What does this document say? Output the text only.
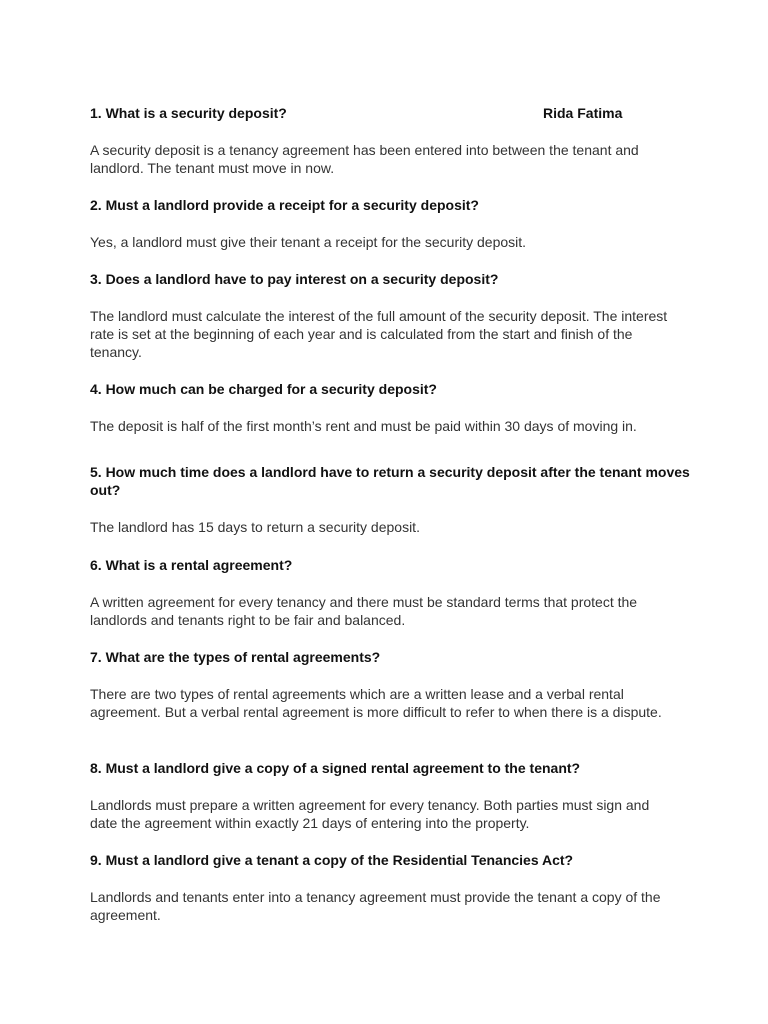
Rida Fatima

1. What is a security deposit?

A security deposit is a tenancy agreement has been entered into between the tenant and landlord. The tenant must move in now.

2. Must a landlord provide a receipt for a security deposit?

Yes, a landlord must give their tenant a receipt for the security deposit.

3. Does a landlord have to pay interest on a security deposit?

The landlord must calculate the interest of the full amount of the security deposit. The interest rate is set at the beginning of each year and is calculated from the start and finish of the tenancy.

4. How much can be charged for a security deposit?

The deposit is half of the first month’s rent and must be paid within 30 days of moving in.

5. How much time does a landlord have to return a security deposit after the tenant moves out?

The landlord has 15 days to return a security deposit.

6. What is a rental agreement?

A written agreement for every tenancy and there must be standard terms that protect the landlords and tenants right to be fair and balanced.

7. What are the types of rental agreements?

There are two types of rental agreements which are a written lease and a verbal rental agreement. But a verbal rental agreement is more difficult to refer to when there is a dispute.

8. Must a landlord give a copy of a signed rental agreement to the tenant?

Landlords must prepare a written agreement for every tenancy. Both parties must sign and date the agreement within exactly 21 days of entering into the property.

9. Must a landlord give a tenant a copy of the Residential Tenancies Act?

Landlords and tenants enter into a tenancy agreement must provide the tenant a copy of the agreement.
